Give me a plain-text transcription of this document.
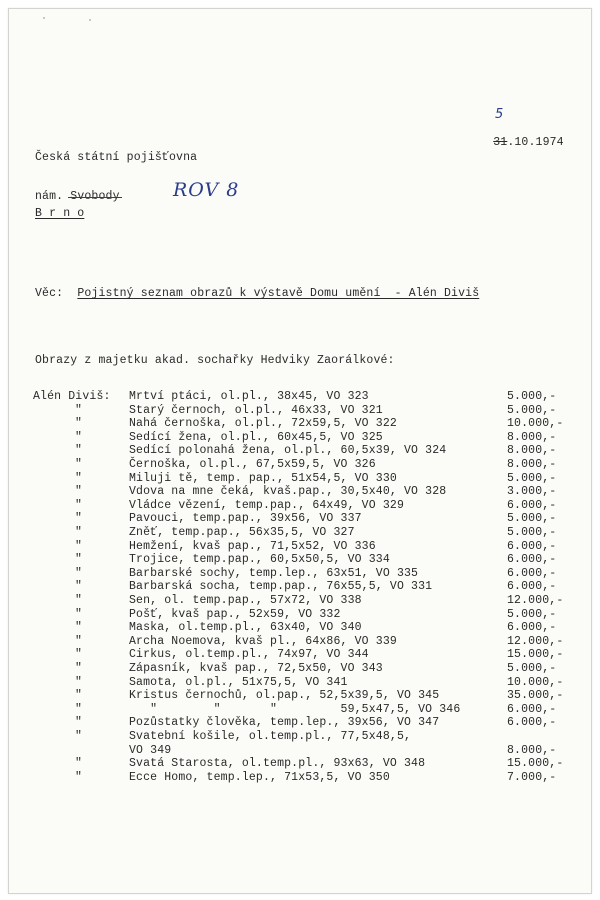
5
31.10.1974

Česká státní pojišťovna
nám. Svobody	ROV 8
B r n o
Věc: Pojistný seznam obrazů k výstavě Domu umění  - Alén Diviš
Obrazy z majetku akad. sochařky Hedviky Zaorálkové:
Alén Diviš: Mrtví ptáci, ol.pl., 38x45, VO 323	5.000,-
"	Starý černoch, ol.pl., 46x33, VO 321	5.000,-
"	Nahá černoška, ol.pl., 72x59,5, VO 322	10.000,-
"	Sedící žena, ol.pl., 60x45,5, VO 325	8.000,-
"	Sedící polonahá žena, ol.pl., 60,5x39, VO 324	8.000,-
"	Černoška, ol.pl., 67,5x59,5, VO 326	8.000,-
"	Miluji tě, temp. pap., 51x54,5, VO 330	5.000,-
"	Vdova na mne čeká, kvaš.pap., 30,5x40, VO 328	3.000,-
"	Vládce vězení, temp.pap., 64x49, VO 329	6.000,-
"	Pavouci, temp.pap., 39x56, VO 337	5.000,-
"	Zněť, temp.pap., 56x35,5, VO 327	5.000,-
"	Hemžení, kvaš pap., 71,5x52, VO 336	6.000,-
"	Trojice, temp.pap., 60,5x50,5, VO 334	6.000,-
"	Barbarské sochy, temp.lep., 63x51, VO 335	6.000,-
"	Barbarská socha, temp.pap., 76x55,5, VO 331	6.000,-
"	Sen, ol. temp.pap., 57x72, VO 338	12.000,-
"	Pošť, kvaš pap., 52x59, VO 332	5.000,-
"	Maska, ol.temp.pl., 63x40, VO 340	6.000,-
"	Archa Noemova, kvaš pl., 64x86, VO 339	12.000,-
"	Cirkus, ol.temp.pl., 74x97, VO 344	15.000,-
"	Zápasník, kvaš pap., 72,5x50, VO 343	5.000,-
"	Samota, ol.pl., 51x75,5, VO 341	10.000,-
"	Kristus černochů, ol.pap., 52,5x39,5, VO 345	35.000,-
"	"        "       "         59,5x47,5, VO 346	6.000,-
"	Pozůstatky člověka, temp.lep., 39x56, VO 347	6.000,-
"	Svatební košile, ol.temp.pl., 77,5x48,5,
VO 349	8.000,-
"	Svatá Starosta, ol.temp.pl., 93x63, VO 348	15.000,-
"	Ecce Homo, temp.lep., 71x53,5, VO 350	7.000,-
